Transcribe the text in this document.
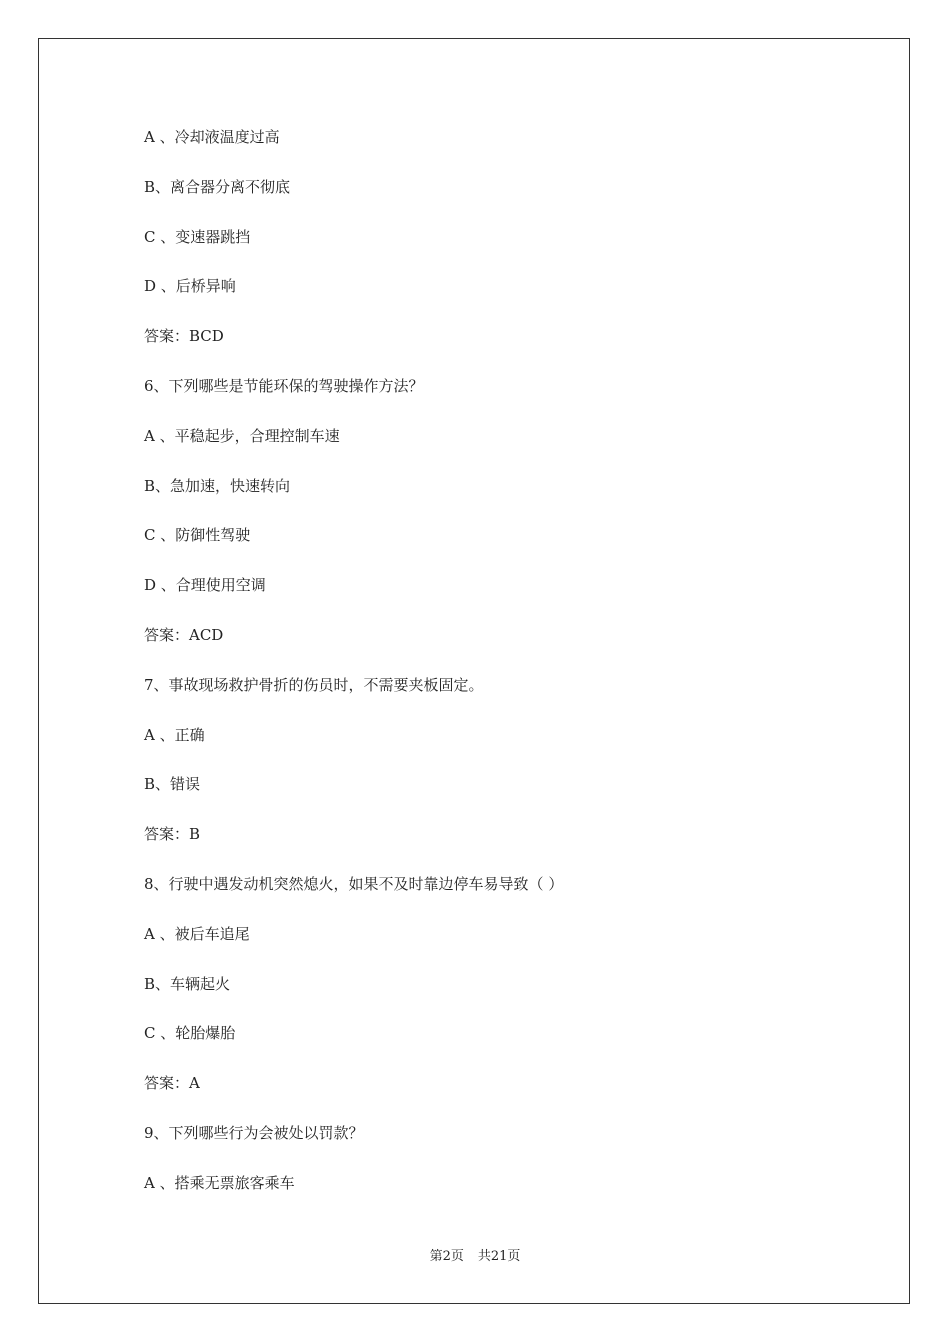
A 、冷却液温度过高
B、离合器分离不彻底
C 、变速器跳挡
D 、后桥异响
答案：BCD
6、下列哪些是节能环保的驾驶操作方法？
A 、平稳起步，合理控制车速
B、急加速，快速转向
C 、防御性驾驶
D 、合理使用空调
答案：ACD
7、事故现场救护骨折的伤员时，不需要夹板固定。
A 、正确
B、错误
答案：B
8、行驶中遇发动机突然熄火，如果不及时靠边停车易导致（ ）
A 、被后车追尾
B、车辆起火
C 、轮胎爆胎
答案：A
9、下列哪些行为会被处以罚款？
A 、搭乘无票旅客乘车
第2页 共21页
